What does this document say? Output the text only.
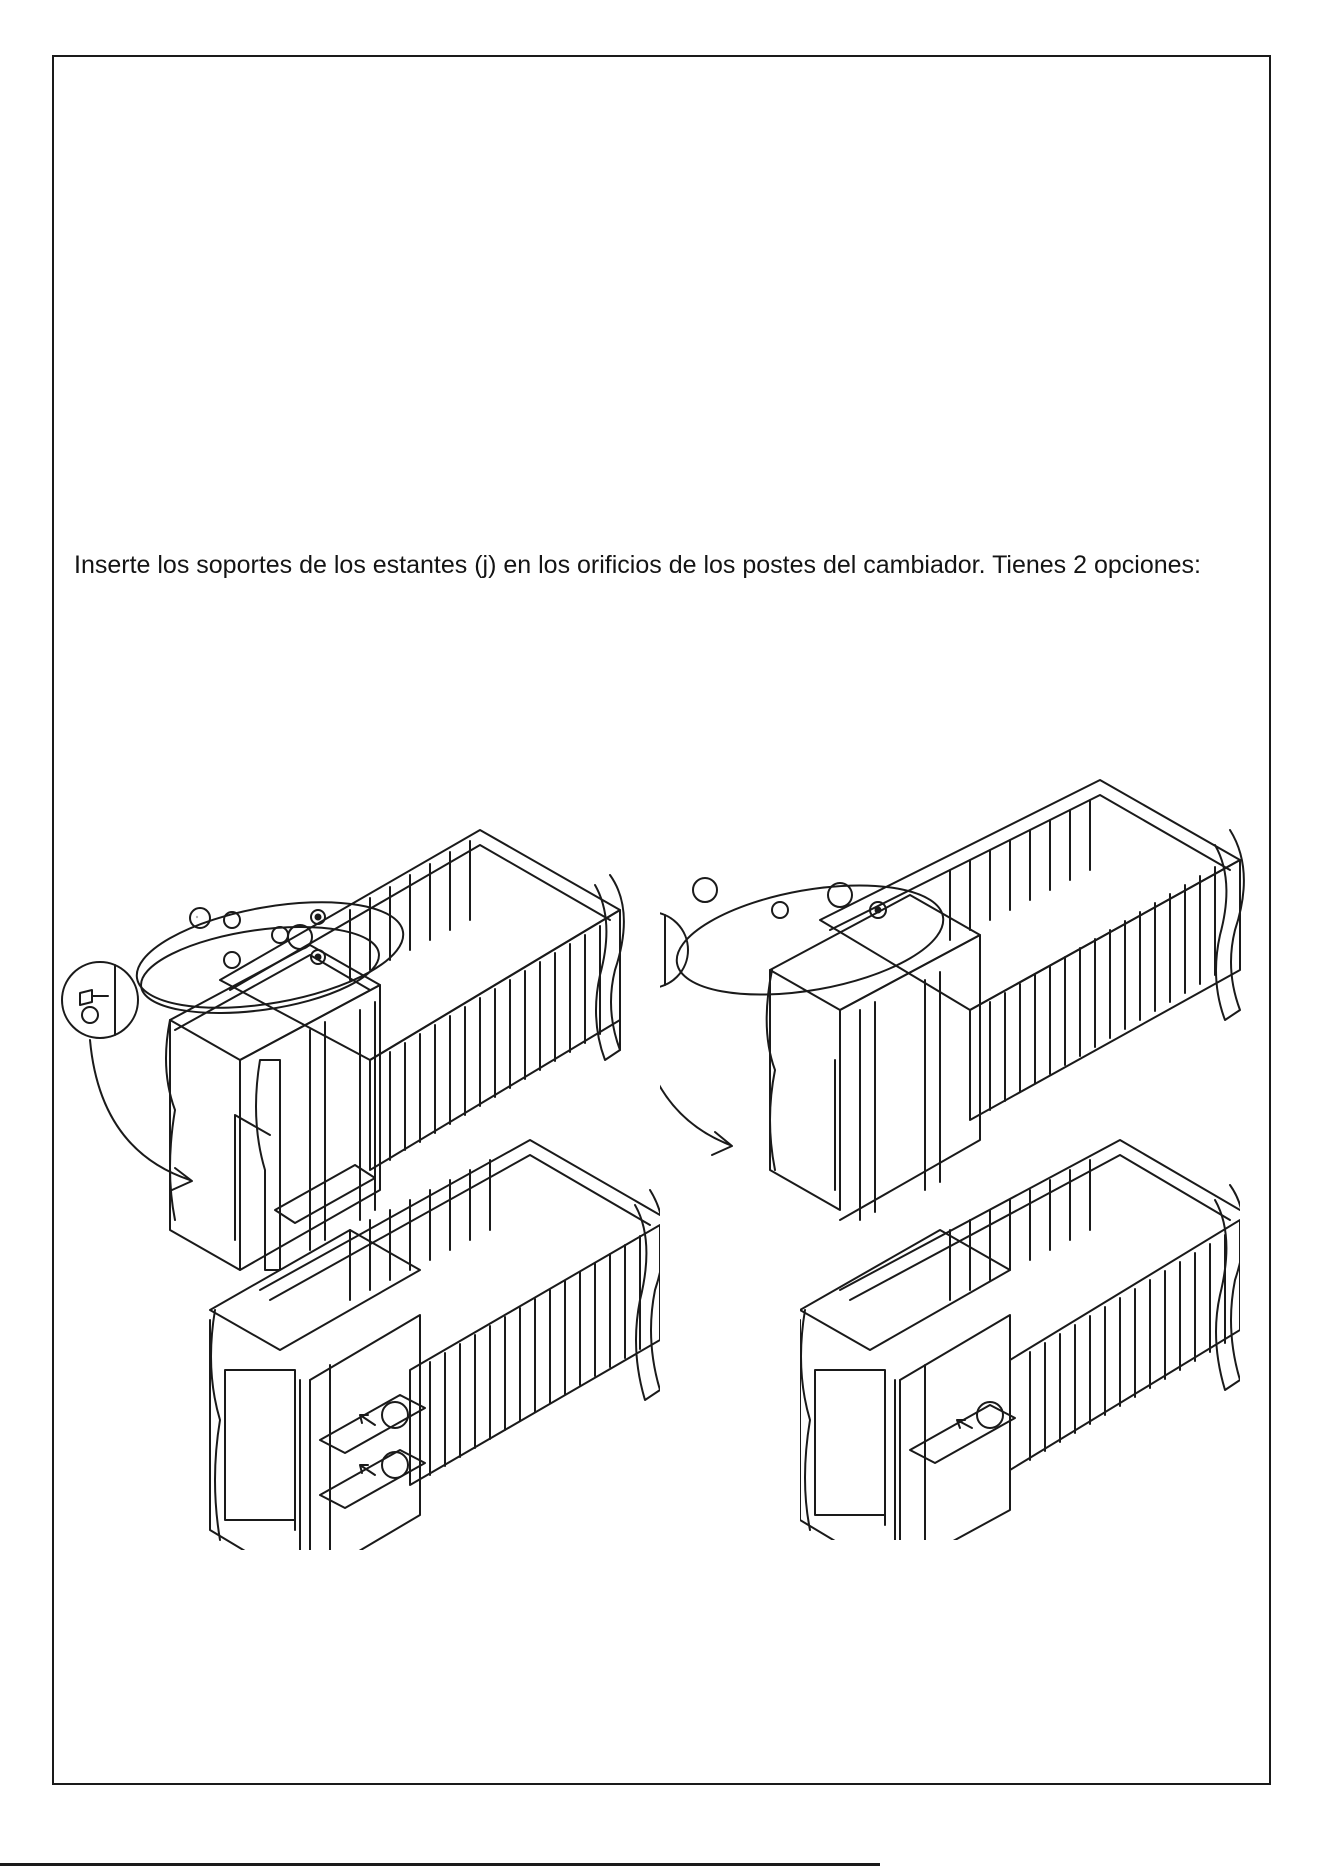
Inserte los soportes de los estantes (j) en los orificios de los postes del cambiador. Tienes 2 opciones:
